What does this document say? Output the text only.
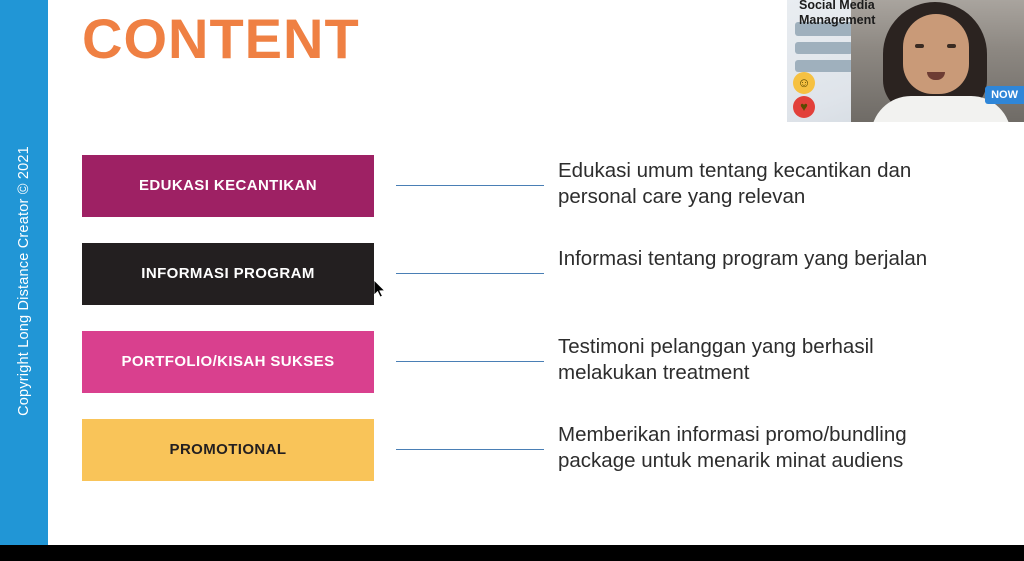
Copyright Long Distance Creator © 2021
CONTENT
EDUKASI KECANTIKAN
Edukasi umum tentang kecantikan dan personal care yang relevan
INFORMASI PROGRAM
Informasi tentang program yang berjalan
PORTFOLIO/KISAH SUKSES
Testimoni pelanggan yang berhasil melakukan treatment
PROMOTIONAL
Memberikan informasi promo/bundling package untuk menarik minat audiens
☺
♥
Social Media Management
NOW
